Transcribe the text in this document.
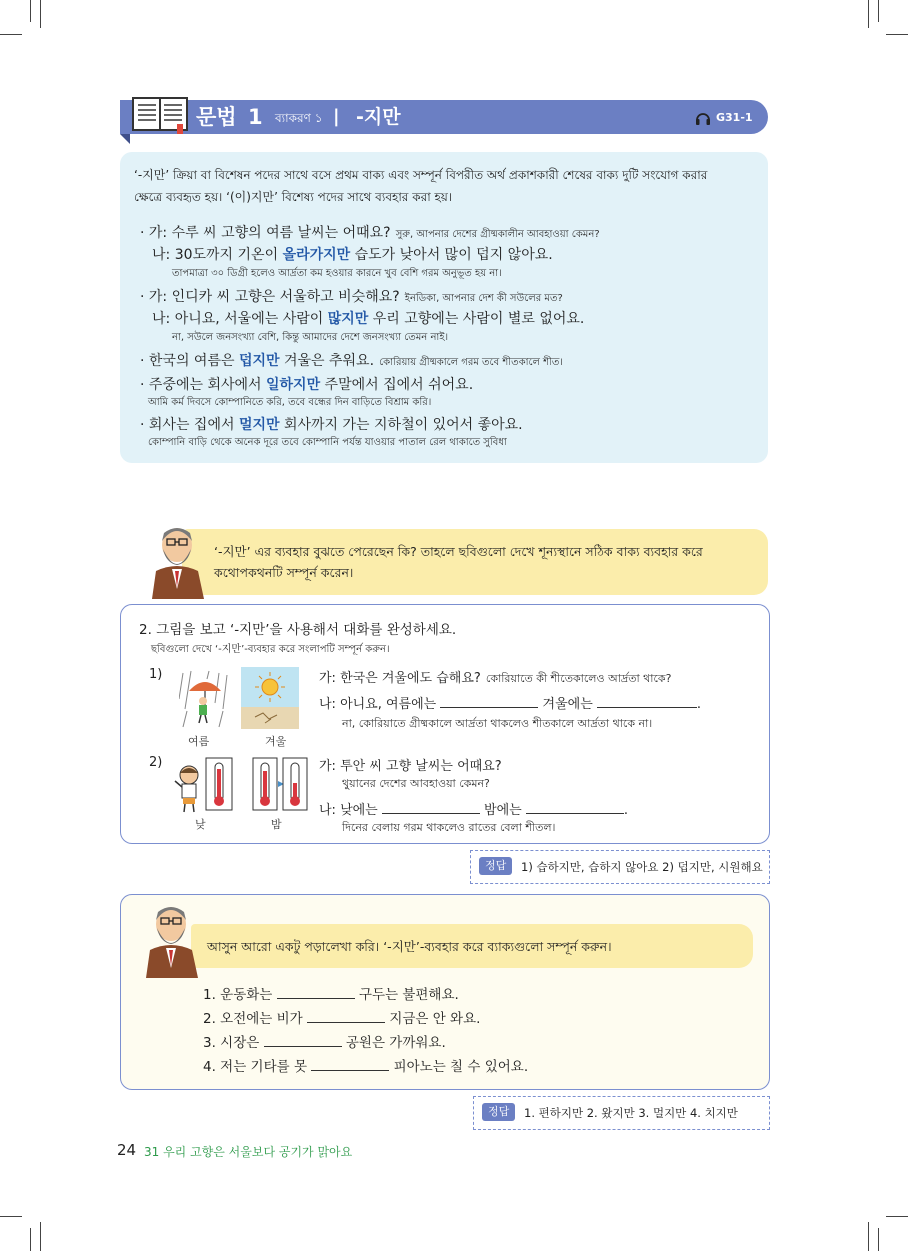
문법 1 ব্যাকরণ ১ | -지만	G31-1
‘-지만’ ক্রিয়া বা বিশেষন পদের সাথে বসে প্রথম বাক্য এবং সম্পূর্ন বিপরীত অর্থ প্রকাশকারী শেষের বাক্য দুটি সংযোগ করার
ক্ষেত্রে ব্যবহৃত হয়। ‘(이)지만’ বিশেষ্য পদের সাথে ব্যবহার করা হয়।
· 가: 수루 씨 고향의 여름 날씨는 어때요? সুরু, আপনার দেশের গ্রীষ্মকালীন আবহাওয়া কেমন?
나: 30도까지 기온이 올라가지만 습도가 낮아서 많이 덥지 않아요.
তাপমাত্রা ৩০ ডিগ্রী হলেও আর্দ্রতা কম হওয়ার কারনে খুব বেশি গরম অনুভূত হয় না।
· 가: 인디카 씨 고향은 서울하고 비슷해요? ইনডিকা, আপনার দেশ কী সউলের মত?
나: 아니요, 서울에는 사람이 많지만 우리 고향에는 사람이 별로 없어요.
না, সউলে জনসংখ্যা বেশি, কিন্তু আমাদের দেশে জনসংখ্যা তেমন নাই।
· 한국의 여름은 덥지만 겨울은 추워요. কোরিয়ায় গ্রীষ্মকালে গরম তবে শীতকালে শীত।
· 주중에는 회사에서 일하지만 주말에서 집에서 쉬어요.
আমি কর্ম দিবসে কোম্পানিতে করি, তবে বন্ধের দিন বাড়িতে বিশ্রাম করি।
· 회사는 집에서 멀지만 회사까지 가는 지하철이 있어서 좋아요.
কোম্পানি বাড়ি থেকে অনেক দূরে তবে কোম্পানি পর্যন্ত যাওয়ার পাতাল রেল থাকাতে সুবিধা
‘-지만’ এর ব্যবহার বুঝতে পেরেছেন কি? তাহলে ছবিগুলো দেখে শূন্যস্থানে সঠিক বাক্য ব্যবহার করে
কথোপকথনটি সম্পূর্ন করেন।
2. 그림을 보고 ‘-지만’을 사용해서 대화를 완성하세요.
ছবিগুলো দেখে ‘-지만’-ব্যবহার করে সংলাপটি সম্পূর্ন করুন।
1)
여름	겨울
가: 한국은 겨울에도 습해요? কোরিয়াতে কী শীতেকালেও আর্দ্রতা থাকে?
나: 아니요, 여름에는	겨울에는	.
না, কোরিয়াতে গ্রীষ্মকালে আর্দ্রতা থাকলেও শীতকালে আর্দ্রতা থাকে না।
2)
낮	밤
가: 투안 씨 고향 날씨는 어때요?
থুয়ানের দেশের আবহাওয়া কেমন?
나: 낮에는	밤에는	.
দিনের বেলায় গরম থাকলেও রাতের বেলা শীতল।
정답	1) 습하지만, 습하지 않아요 2) 덥지만, 시원해요
আসুন আরো একটু পড়ালেখা করি। ‘-지만’-ব্যবহার করে ব্যাক্যগুলো সম্পূর্ন করুন।
1. 운동화는	구두는 불편해요.
2. 오전에는 비가	지금은 안 와요.
3. 시장은	공원은 가까워요.
4. 저는 기타를 못	피아노는 칠 수 있어요.
정답	1. 편하지만 2. 왔지만 3. 멀지만 4. 치지만
24 31 우리 고향은 서울보다 공기가 맑아요
